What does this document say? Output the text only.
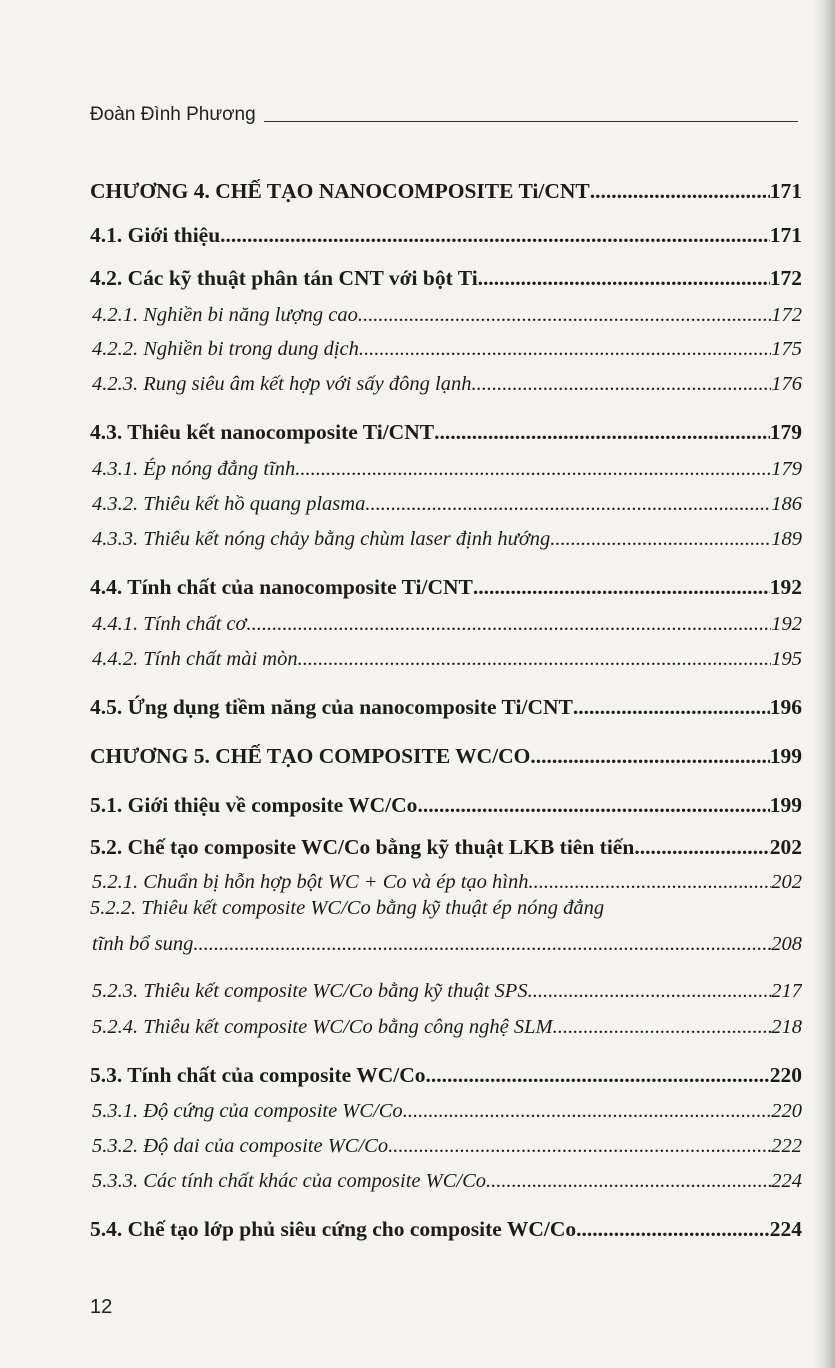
Đoàn Đình Phương
CHƯƠNG 4. CHẾ TẠO NANOCOMPOSITE Ti/CNT .....	171
4.1. Giới thiệu .....	171
4.2. Các kỹ thuật phân tán CNT với bột Ti .....	172
4.2.1. Nghiền bi năng lượng cao .....	172
4.2.2. Nghiền bi trong dung dịch .....	175
4.2.3. Rung siêu âm kết hợp với sấy đông lạnh .....	176
4.3. Thiêu kết nanocomposite Ti/CNT .....	179
4.3.1. Ép nóng đẳng tĩnh .....	179
4.3.2. Thiêu kết hồ quang plasma .....	186
4.3.3. Thiêu kết nóng chảy bằng chùm laser định hướng .....	189
4.4. Tính chất của nanocomposite Ti/CNT .....	192
4.4.1. Tính chất cơ .....	192
4.4.2. Tính chất mài mòn .....	195
4.5. Ứng dụng tiềm năng của nanocomposite Ti/CNT .....	196
CHƯƠNG 5. CHẾ TẠO COMPOSITE WC/CO .....	199
5.1. Giới thiệu về composite WC/Co .....	199
5.2. Chế tạo composite WC/Co bằng kỹ thuật LKB tiên tiến .....	202
5.2.1. Chuẩn bị hỗn hợp bột WC + Co và ép tạo hình .....	202
5.2.2. Thiêu kết composite WC/Co bằng kỹ thuật ép nóng đẳng
tĩnh bổ sung .....	208
5.2.3. Thiêu kết composite WC/Co bằng kỹ thuật SPS .....	217
5.2.4. Thiêu kết composite WC/Co bằng công nghệ SLM .....	218
5.3. Tính chất của composite WC/Co .....	220
5.3.1. Độ cứng của composite WC/Co .....	220
5.3.2. Độ dai của composite WC/Co .....	222
5.3.3. Các tính chất khác của composite WC/Co .....	224
5.4. Chế tạo lớp phủ siêu cứng cho composite WC/Co .....	224
12
